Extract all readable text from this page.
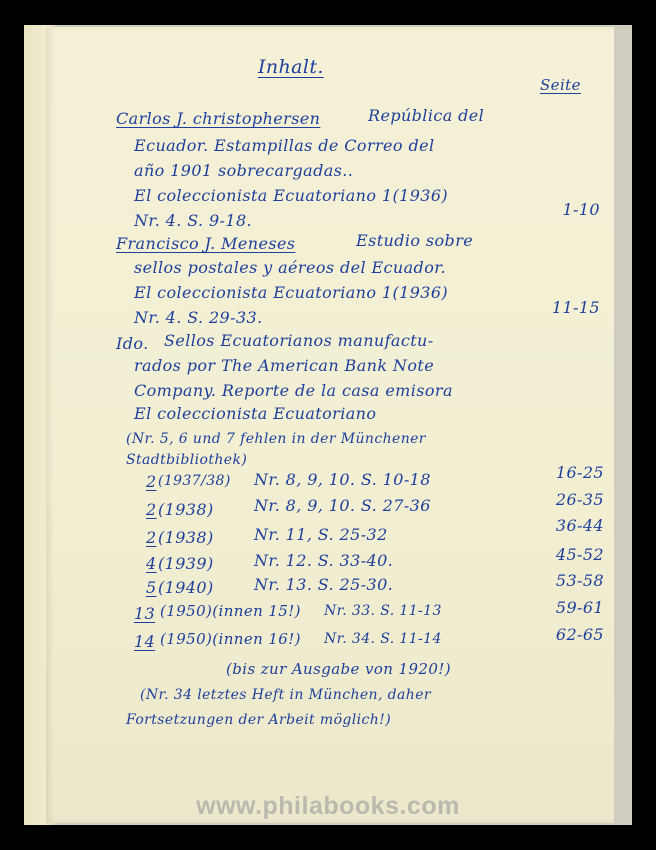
Inhalt.
Seite
Carlos J. christophersen	República del
Ecuador. Estampillas de Correo del
año 1901 sobrecargadas..
El coleccionista Ecuatoriano 1(1936)
Nr. 4. S. 9-18.
1-10
Francisco J. Meneses	Estudio sobre
sellos postales y aéreos del Ecuador.
El coleccionista Ecuatoriano 1(1936)
Nr. 4. S. 29-33.
11-15
Ido. Sellos Ecuatorianos manufactu-
rados por The American Bank Note
Company. Reporte de la casa emisora
El coleccionista Ecuatoriano
(Nr. 5, 6 und 7 fehlen in der Münchener
Stadtbibliothek)
2 (1937/38) Nr. 8, 9, 10. S. 10-18	16-25
2 (1938)	Nr. 8, 9, 10. S. 27-36	26-35
2 (1938)	Nr. 11, S. 25-32	36-44
4 (1939)	Nr. 12. S. 33-40.	45-52
5 (1940)	Nr. 13. S. 25-30.	53-58
13 (1950)(innen 15!) Nr. 33. S. 11-13	59-61
14 (1950)(innen 16!) Nr. 34. S. 11-14	62-65
(bis zur Ausgabe von 1920!)
(Nr. 34 letztes Heft in München, daher
Fortsetzungen der Arbeit möglich!)
www.philabooks.com
